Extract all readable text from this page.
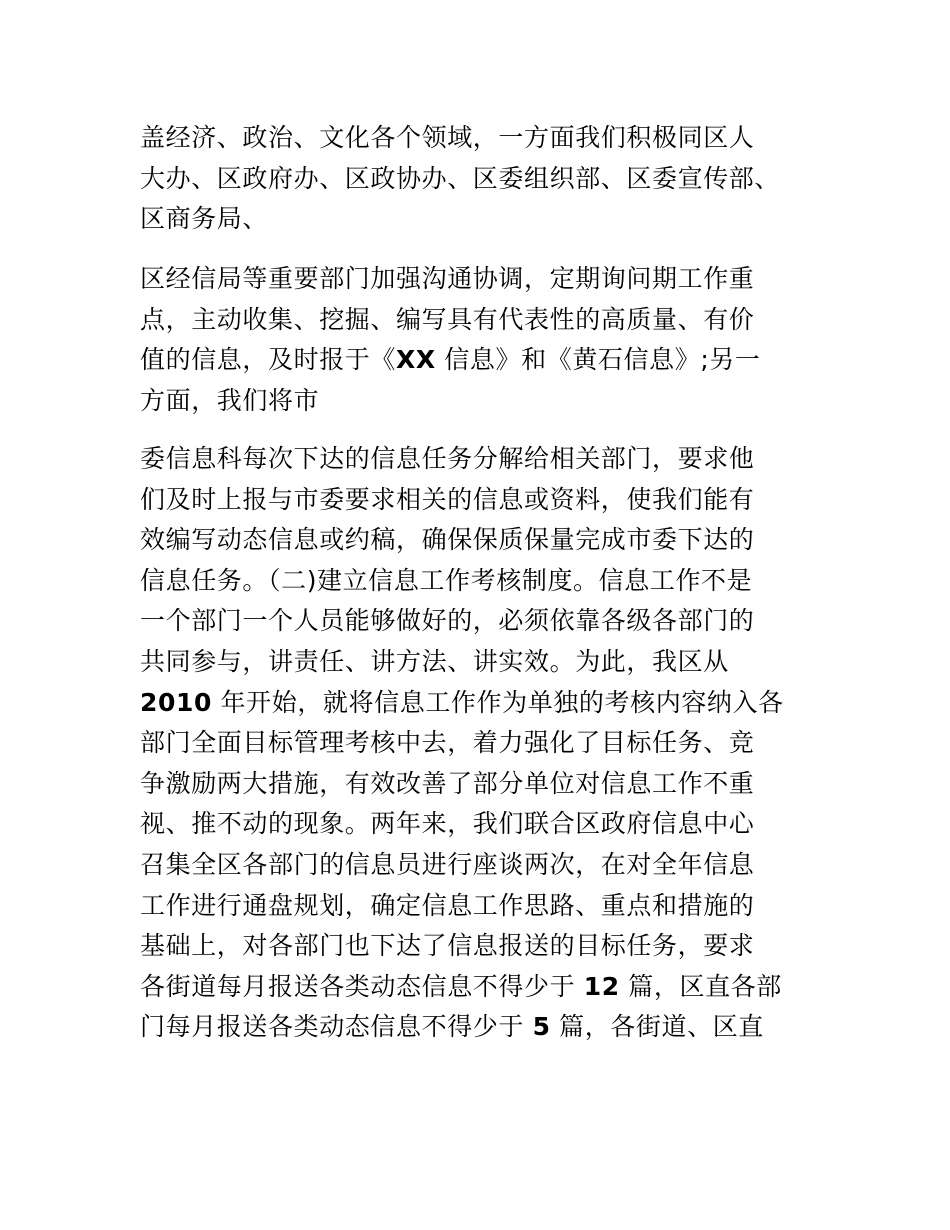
盖经济、政治、文化各个领域，一方面我们积极同区人
大办、区政府办、区政协办、区委组织部、区委宣传部、
区商务局、

区经信局等重要部门加强沟通协调，定期询问期工作重
点，主动收集、挖掘、编写具有代表性的高质量、有价
值的信息，及时报于《XX 信息》和《黄石信息》;另一
方面，我们将市

委信息科每次下达的信息任务分解给相关部门，要求他
们及时上报与市委要求相关的信息或资料，使我们能有
效编写动态信息或约稿，确保保质保量完成市委下达的
信息任务。（二)建立信息工作考核制度。信息工作不是
一个部门一个人员能够做好的，必须依靠各级各部门的
共同参与，讲责任、讲方法、讲实效。为此，我区从
2010 年开始，就将信息工作作为单独的考核内容纳入各
部门全面目标管理考核中去，着力强化了目标任务、竞
争激励两大措施，有效改善了部分单位对信息工作不重
视、推不动的现象。两年来，我们联合区政府信息中心
召集全区各部门的信息员进行座谈两次，在对全年信息
工作进行通盘规划，确定信息工作思路、重点和措施的
基础上，对各部门也下达了信息报送的目标任务，要求
各街道每月报送各类动态信息不得少于 12 篇，区直各部
门每月报送各类动态信息不得少于 5 篇，各街道、区直
